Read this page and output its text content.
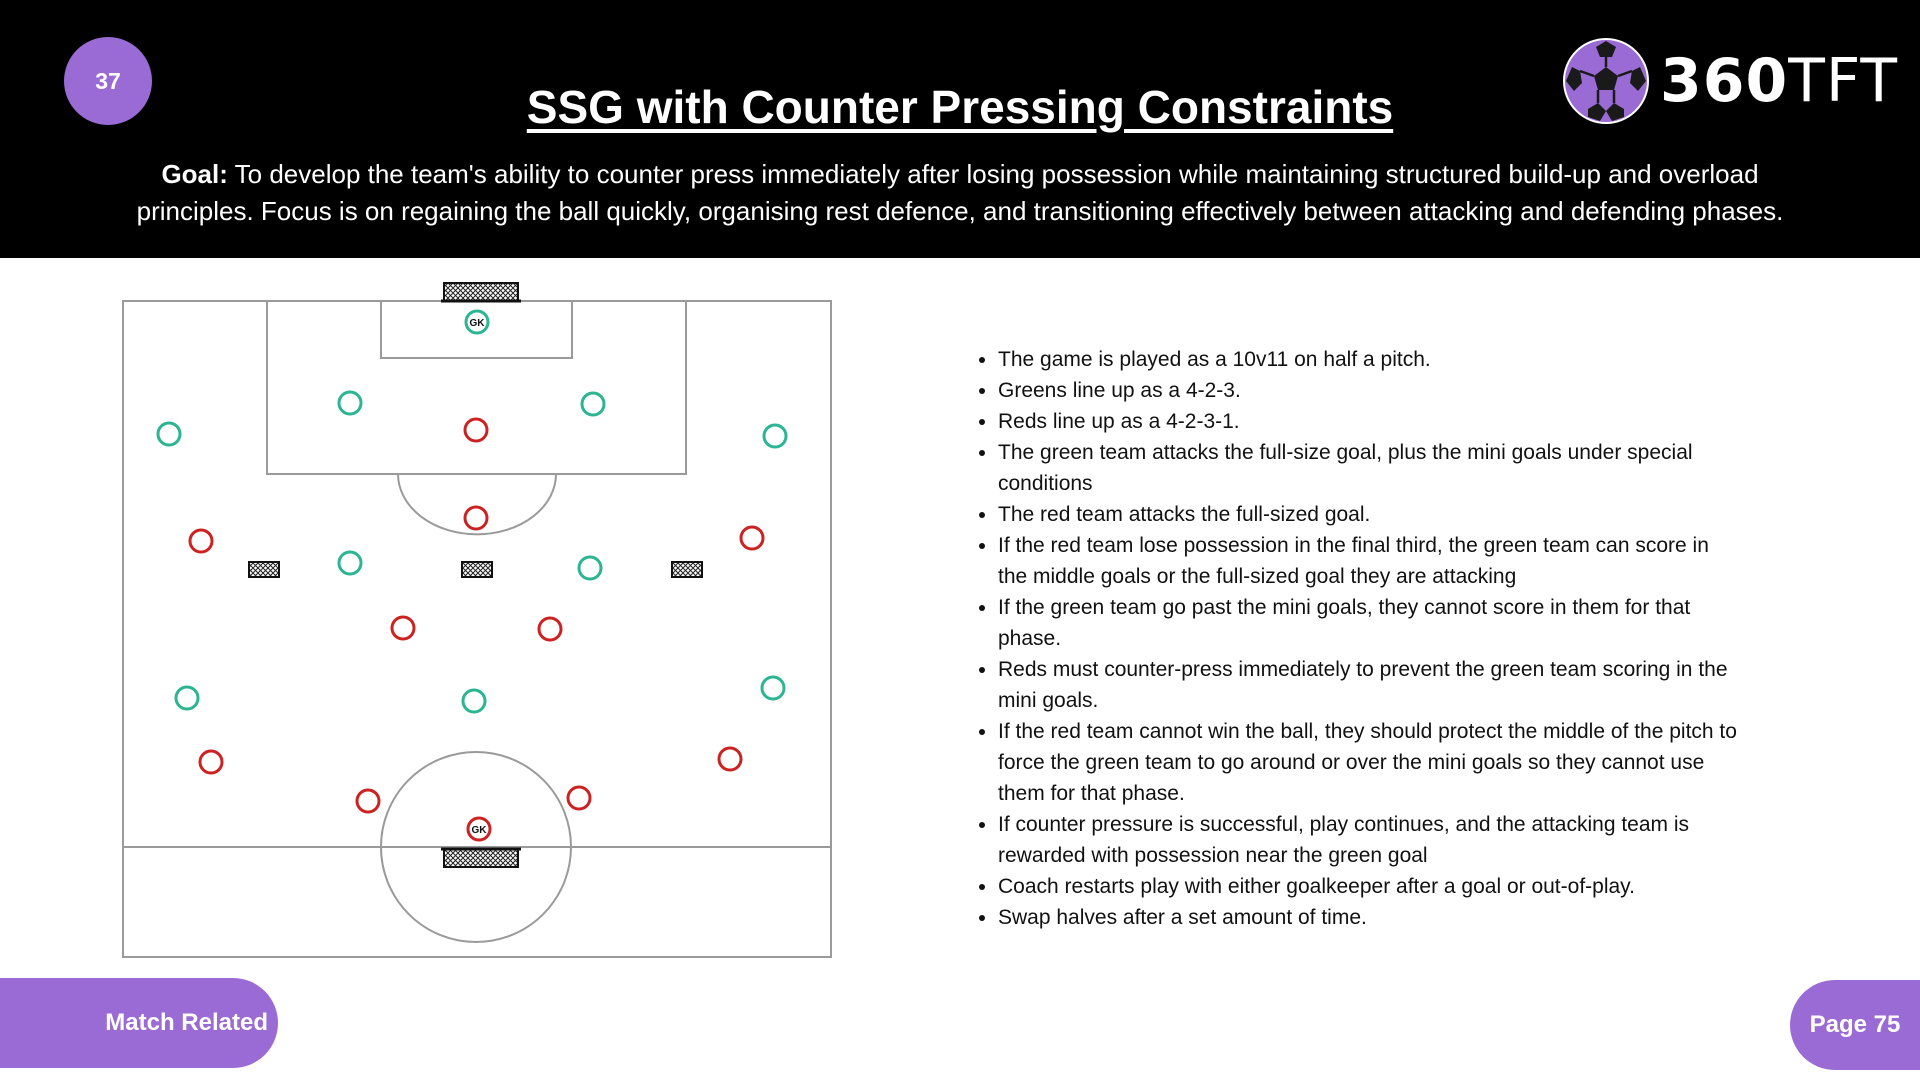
37
SSG with Counter Pressing Constraints	360TFT
Goal: To develop the team's ability to counter press immediately after losing possession while maintaining structured build-up and overload principles. Focus is on regaining the ball quickly, organising rest defence, and transitioning effectively between attacking and defending phases.
GK
GK
• The game is played as a 10v11 on half a pitch.
• Greens line up as a 4-2-3.
• Reds line up as a 4-2-3-1.
• The green team attacks the full-size goal, plus the mini goals under special conditions
• The red team attacks the full-sized goal.
• If the red team lose possession in the final third, the green team can score in the middle goals or the full-sized goal they are attacking
• If the green team go past the mini goals, they cannot score in them for that phase.
• Reds must counter-press immediately to prevent the green team scoring in the mini goals.
• If the red team cannot win the ball, they should protect the middle of the pitch to force the green team to go around or over the mini goals so they cannot use them for that phase.
• If counter pressure is successful, play continues, and the attacking team is rewarded with possession near the green goal
• Coach restarts play with either goalkeeper after a goal or out-of-play.
• Swap halves after a set amount of time.
Match Related	Page 75
